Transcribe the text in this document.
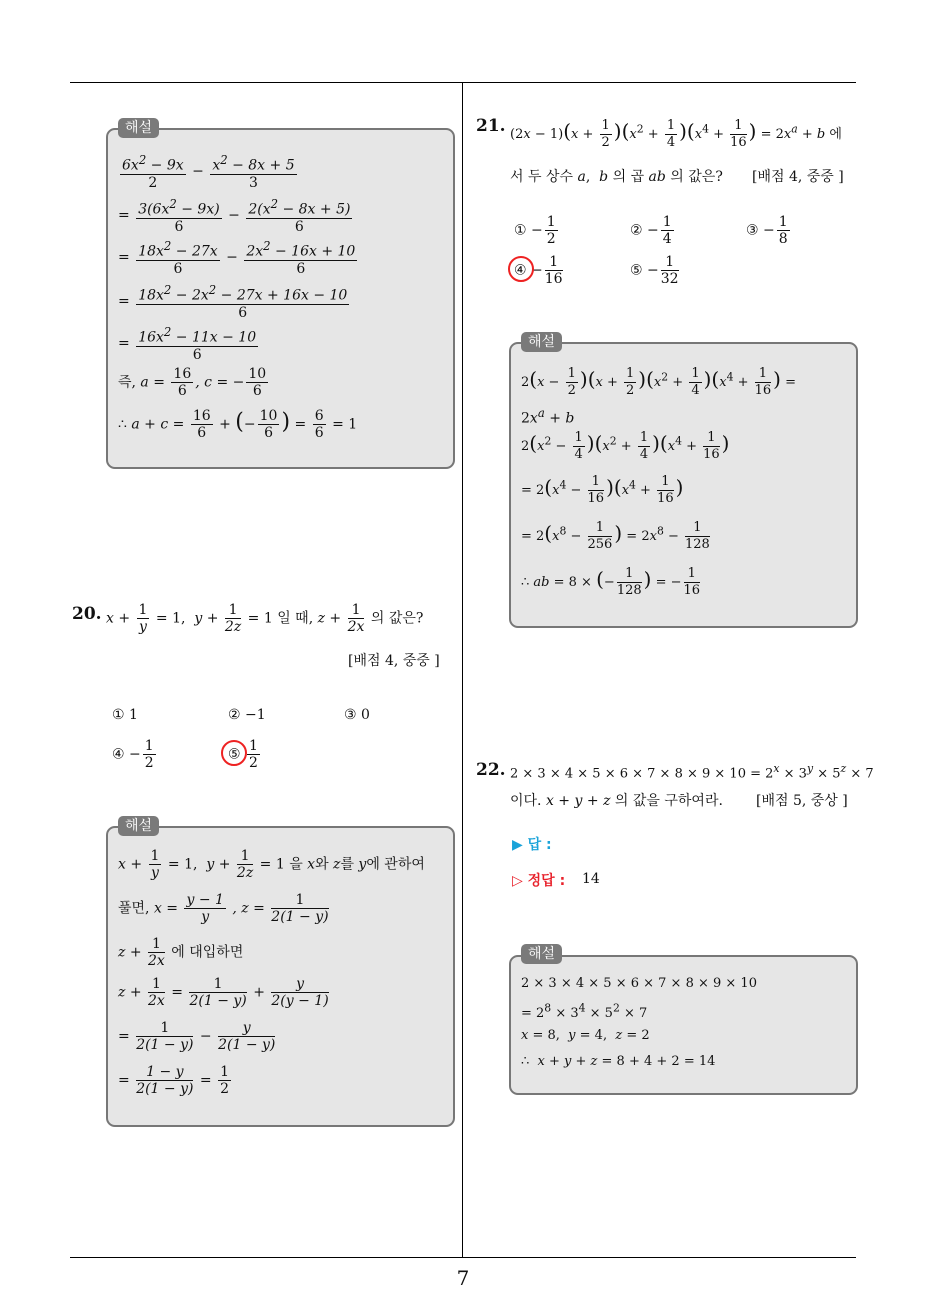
해설
$\frac{6x^2 - 9x}{2} - \frac{x^2 - 8x + 5}{3}$
= $\frac{3(6x^2 - 9x)}{6} - \frac{2(x^2 - 8x + 5)}{6}$
= $\frac{18x^2 - 27x}{6} - \frac{2x^2 - 16x + 10}{6}$
= $\frac{18x^2 - 2x^2 - 27x + 16x - 10}{6}$
= $\frac{16x^2 - 11x - 10}{6}$
즉, $a = \frac{16}{6}$ , c = − $\frac{10}{6}$
∴ $a + c = \frac{16}{6}$ + (− $\frac{10}{6}$ ) = $\frac{6}{6} = 1$
20. $x + \frac{1}{y} = 1$,  $y + \frac{1}{2z} = 1$ 일 때, $z + \frac{1}{2x}$ 의 값은?
[배점 4, 중중 ]
① 1	② −1	③ 0
④ − $\frac{1}{2}$	⑤ $\frac{1}{2}$
해설
$x + \frac{1}{y} = 1$,  $y + \frac{1}{2z} = 1$ 을 x와 z를 y에 관하여
풀면, $x = \frac{y - 1}{y}$ , $z = \frac{1}{2(1 - y)}$
$z + \frac{1}{2x}$ 에 대입하면
$z + \frac{1}{2x} = \frac{1}{2(1 - y)} + \frac{y}{2(y - 1)}$
= $\frac{1}{2(1 - y)} - \frac{y}{2(1 - y)}$
= $\frac{1 - y}{2(1 - y)} = \frac{1}{2}$
21. $(2x - 1)(x + \frac{1}{2} )(x^2 + \frac{1}{4} )(x^4 + \frac{1}{16}$ ) = $2x^a + b$ 에
서 두 상수 a,  b 의 곱 ab 의 값은? [배점 4, 중중 ]
① − $\frac{1}{2}$	② − $\frac{1}{4}$	③ − $\frac{1}{8}$
④ − $\frac{1}{16}$	⑤ − $\frac{1}{32}$
해설
$2(x - \frac{1}{2} )(x + \frac{1}{2} )(x^2 + \frac{1}{4} )(x^4 + \frac{1}{16}$ ) =
$2x^a + b$
$2(x^2 - \frac{1}{4} )(x^2 + \frac{1}{4} )(x^4 + \frac{1}{16}$ )
= $2(x^4 - \frac{1}{16} )(x^4 + \frac{1}{16}$ )
= $2(x^8 - \frac{1}{256}$ ) = $2x^8 - \frac{1}{128}$
∴ ab = 8 × (− $\frac{1}{128}$ ) = − $\frac{1}{16}$
22. $2 \times 3 \times 4 \times 5 \times 6 \times 7 \times 8 \times 9 \times 10 = 2^x \times 3^y \times 5^z \times 7$
이다. x + y + z 의 값을 구하여라. [배점 5, 중상 ]
▶ 답 :
▷ 정답 : 14
해설
2 × 3 × 4 × 5 × 6 × 7 × 8 × 9 × 10
= $2^8 \times 3^4 \times 5^2 \times 7$
x = 8,  y = 4,  z = 2
∴  x + y + z = 8 + 4 + 2 = 14
7
